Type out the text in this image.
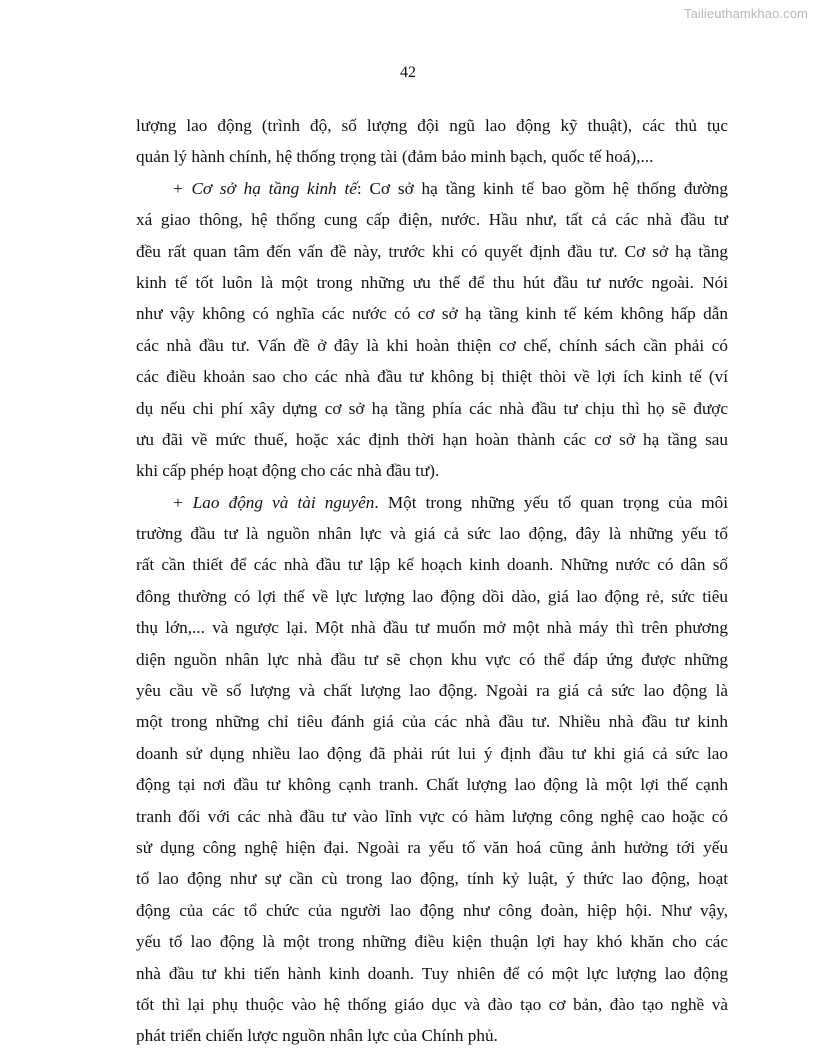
Tailieuthamkhao.com
42
lượng lao động (trình độ, số lượng đội ngũ lao động kỹ thuật), các thủ tục
quản lý hành chính, hệ thống trọng tài (đảm bảo minh bạch, quốc tế hoá),...
+ Cơ sở hạ tầng kinh tế: Cơ sở hạ tầng kinh tế bao gồm hệ thống đường
xá giao thông, hệ thống cung cấp điện, nước. Hầu như, tất cả các nhà đầu tư
đều rất quan tâm đến vấn đề này, trước khi có quyết định đầu tư. Cơ sở hạ tầng
kinh tế tốt luôn là một trong những ưu thế để thu hút đầu tư nước ngoài. Nói
như vậy không có nghĩa các nước có cơ sở hạ tầng kinh tế kém không hấp dẫn
các nhà đầu tư. Vấn đề ở đây là khi hoàn thiện cơ chế, chính sách cần phải có
các điều khoản sao cho các nhà đầu tư không bị thiệt thòi về lợi ích kinh tế (ví
dụ nếu chi phí xây dựng cơ sở hạ tầng phía các nhà đầu tư chịu thì họ sẽ được
ưu đãi về mức thuế, hoặc xác định thời hạn hoàn thành các cơ sở hạ tầng sau
khi cấp phép hoạt động cho các nhà đầu tư).
+ Lao động và tài nguyên. Một trong những yếu tố quan trọng của môi
trường đầu tư là nguồn nhân lực và giá cả sức lao động, đây là những yếu tố
rất cần thiết để các nhà đầu tư lập kế hoạch kinh doanh. Những nước có dân số
đông thường có lợi thế về lực lượng lao động dồi dào, giá lao động rẻ, sức tiêu
thụ lớn,... và ngược lại. Một nhà đầu tư muốn mở một nhà máy thì trên phương
diện nguồn nhân lực nhà đầu tư sẽ chọn khu vực có thể đáp ứng được những
yêu cầu về số lượng và chất lượng lao động. Ngoài ra giá cả sức lao động là
một trong những chỉ tiêu đánh giá của các nhà đầu tư. Nhiều nhà đầu tư kinh
doanh sử dụng nhiều lao động đã phải rút lui ý định đầu tư khi giá cả sức lao
động tại nơi đầu tư không cạnh tranh. Chất lượng lao động là một lợi thế cạnh
tranh đối với các nhà đầu tư vào lĩnh vực có hàm lượng công nghệ cao hoặc có
sử dụng công nghệ hiện đại. Ngoài ra yếu tố văn hoá cũng ảnh hưởng tới yếu
tố lao động như sự cần cù trong lao động, tính kỷ luật, ý thức lao động, hoạt
động của các tổ chức của người lao động như công đoàn, hiệp hội. Như vậy,
yếu tố lao động là một trong những điều kiện thuận lợi hay khó khăn cho các
nhà đầu tư khi tiến hành kinh doanh. Tuy nhiên để có một lực lượng lao động
tốt thì lại phụ thuộc vào hệ thống giáo dục và đào tạo cơ bản, đào tạo nghề và
phát triển chiến lược nguồn nhân lực của Chính phủ.
